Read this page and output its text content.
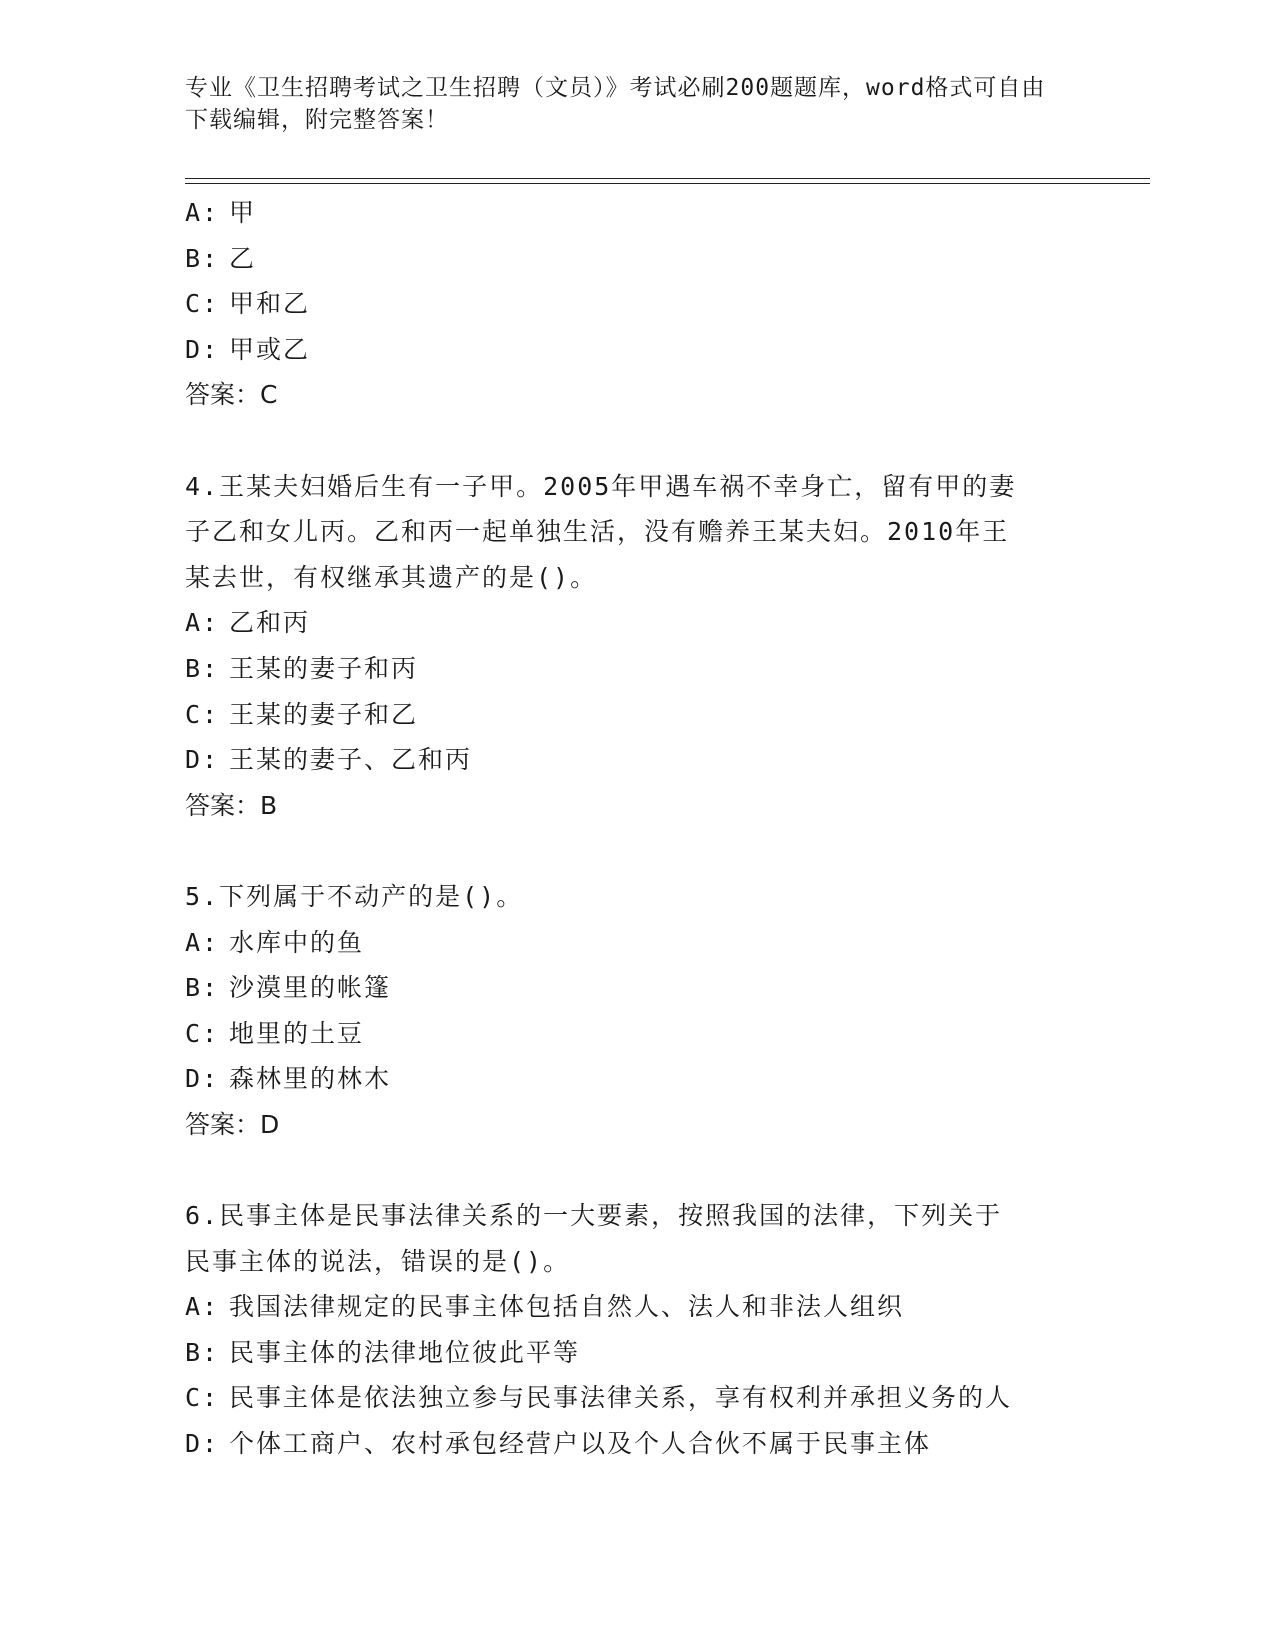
专业《卫生招聘考试之卫生招聘（文员）》考试必刷200题题库，word格式可自由下载编辑，附完整答案！
A: 甲
B: 乙
C: 甲和乙
D: 甲或乙
答案：C
4.王某夫妇婚后生有一子甲。2005年甲遇车祸不幸身亡，留有甲的妻
子乙和女儿丙。乙和丙一起单独生活，没有赡养王某夫妇。2010年王
某去世，有权继承其遗产的是()。
A: 乙和丙
B: 王某的妻子和丙
C: 王某的妻子和乙
D: 王某的妻子、乙和丙
答案：B
5.下列属于不动产的是()。
A: 水库中的鱼
B: 沙漠里的帐篷
C: 地里的土豆
D: 森林里的林木
答案：D
6.民事主体是民事法律关系的一大要素，按照我国的法律，下列关于
民事主体的说法，错误的是()。
A: 我国法律规定的民事主体包括自然人、法人和非法人组织
B: 民事主体的法律地位彼此平等
C: 民事主体是依法独立参与民事法律关系，享有权利并承担义务的人
D: 个体工商户、农村承包经营户以及个人合伙不属于民事主体
